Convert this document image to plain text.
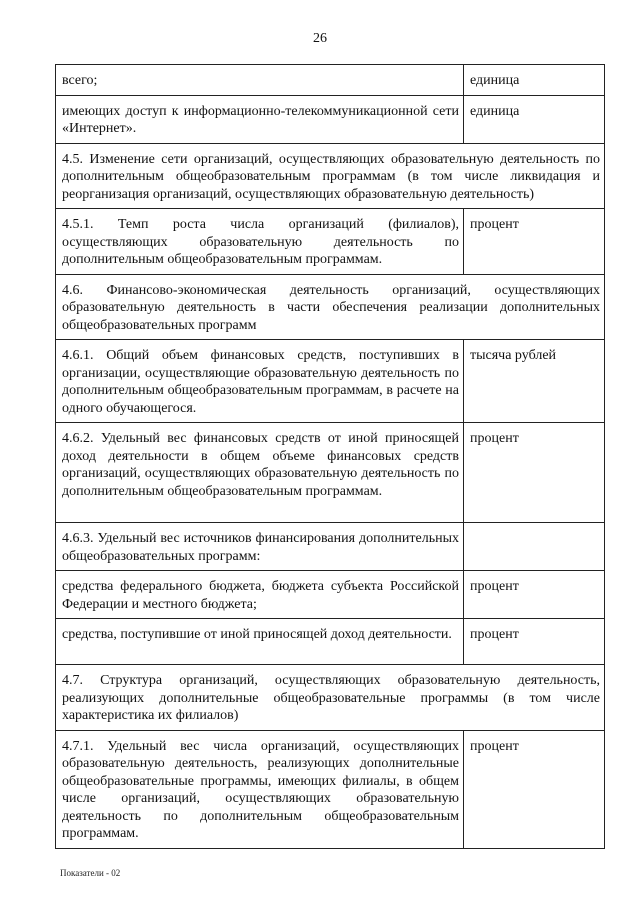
26
всего;	единица
имеющих доступ к информационно-телекоммуникационной сети «Интернет».	единица
4.5. Изменение сети организаций, осуществляющих образовательную деятельность по дополнительным общеобразовательным программам (в том числе ликвидация и реорганизация организаций, осуществляющих образовательную деятельность)	
4.5.1. Темп роста числа организаций (филиалов), осуществляющих образовательную деятельность по дополнительным общеобразовательным программам.	процент
4.6. Финансово-экономическая деятельность организаций, осуществляющих образовательную деятельность в части обеспечения реализации дополнительных общеобразовательных программ	
4.6.1. Общий объем финансовых средств, поступивших в организации, осуществляющие образовательную деятельность по дополнительным общеобразовательным программам, в расчете на одного обучающегося.	тысяча рублей
4.6.2. Удельный вес финансовых средств от иной приносящей доход деятельности в общем объеме финансовых средств организаций, осуществляющих образовательную деятельность по дополнительным общеобразовательным программам.	процент
4.6.3. Удельный вес источников финансирования дополнительных общеобразовательных программ:	
средства федерального бюджета, бюджета субъекта Российской Федерации и местного бюджета;	процент
средства, поступившие от иной приносящей доход деятельности.	процент
4.7. Структура организаций, осуществляющих образовательную деятельность, реализующих дополнительные общеобразовательные программы (в том числе характеристика их филиалов)	
4.7.1. Удельный вес числа организаций, осуществляющих образовательную деятельность, реализующих дополнительные общеобразовательные программы, имеющих филиалы, в общем числе организаций, осуществляющих образовательную деятельность по дополнительным общеобразовательным программам.	процент
Показатели - 02
